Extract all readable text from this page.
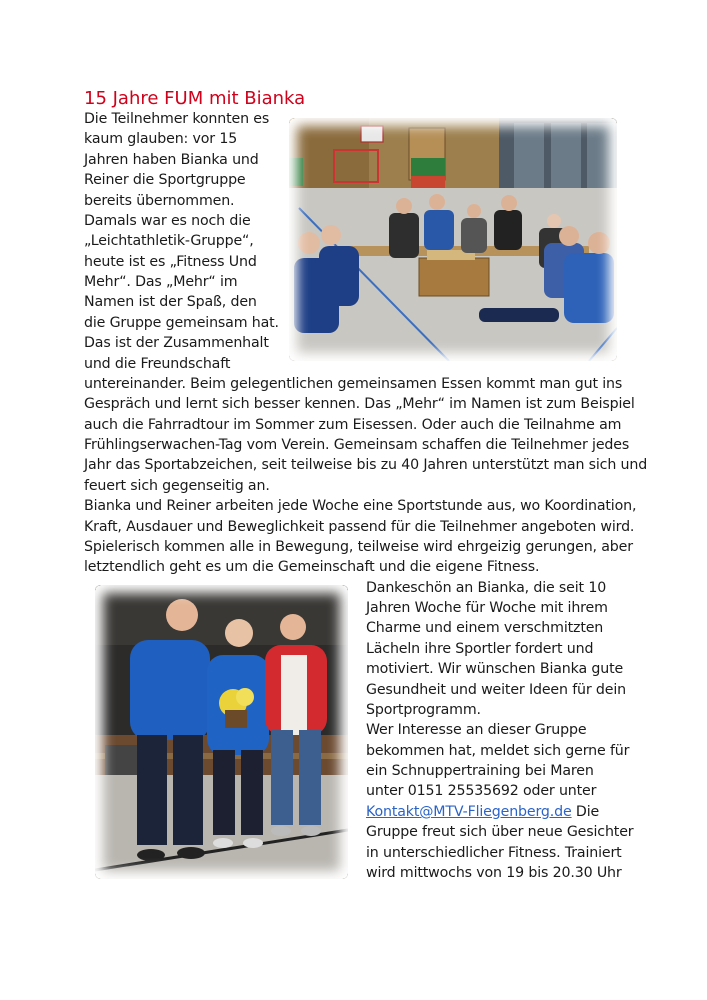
15 Jahre FUM mit Bianka
Die Teilnehmer konnten es
kaum glauben: vor 15
Jahren haben Bianka und
Reiner die Sportgruppe
bereits übernommen.
Damals war es noch die
„Leichtathletik-Gruppe“,
heute ist es „Fitness Und
Mehr“. Das „Mehr“ im
Namen ist der Spaß, den
die Gruppe gemeinsam hat.
Das ist der Zusammenhalt
und die Freundschaft
untereinander. Beim gelegentlichen gemeinsamen Essen kommt man gut ins
Gespräch und lernt sich besser kennen. Das „Mehr“ im Namen ist zum Beispiel
auch die Fahrradtour im Sommer zum Eisessen. Oder auch die Teilnahme am
Frühlingserwachen-Tag vom Verein. Gemeinsam schaffen die Teilnehmer jedes
Jahr das Sportabzeichen, seit teilweise bis zu 40 Jahren unterstützt man sich und
feuert sich gegenseitig an.
Bianka und Reiner arbeiten jede Woche eine Sportstunde aus, wo Koordination,
Kraft, Ausdauer und Beweglichkeit passend für die Teilnehmer angeboten wird.
Spielerisch kommen alle in Bewegung, teilweise wird ehrgeizig gerungen, aber
letztendlich geht es um die Gemeinschaft und die eigene Fitness.
Dankeschön an Bianka, die seit 10
Jahren Woche für Woche mit ihrem
Charme und einem verschmitzten
Lächeln ihre Sportler fordert und
motiviert. Wir wünschen Bianka gute
Gesundheit und weiter Ideen für dein
Sportprogramm.
Wer Interesse an dieser Gruppe
bekommen hat, meldet sich gerne für
ein Schnuppertraining bei Maren
unter 0151 25535692 oder unter
Kontakt@MTV-Fliegenberg.de Die
Gruppe freut sich über neue Gesichter
in unterschiedlicher Fitness. Trainiert
wird mittwochs von 19 bis 20.30 Uhr
